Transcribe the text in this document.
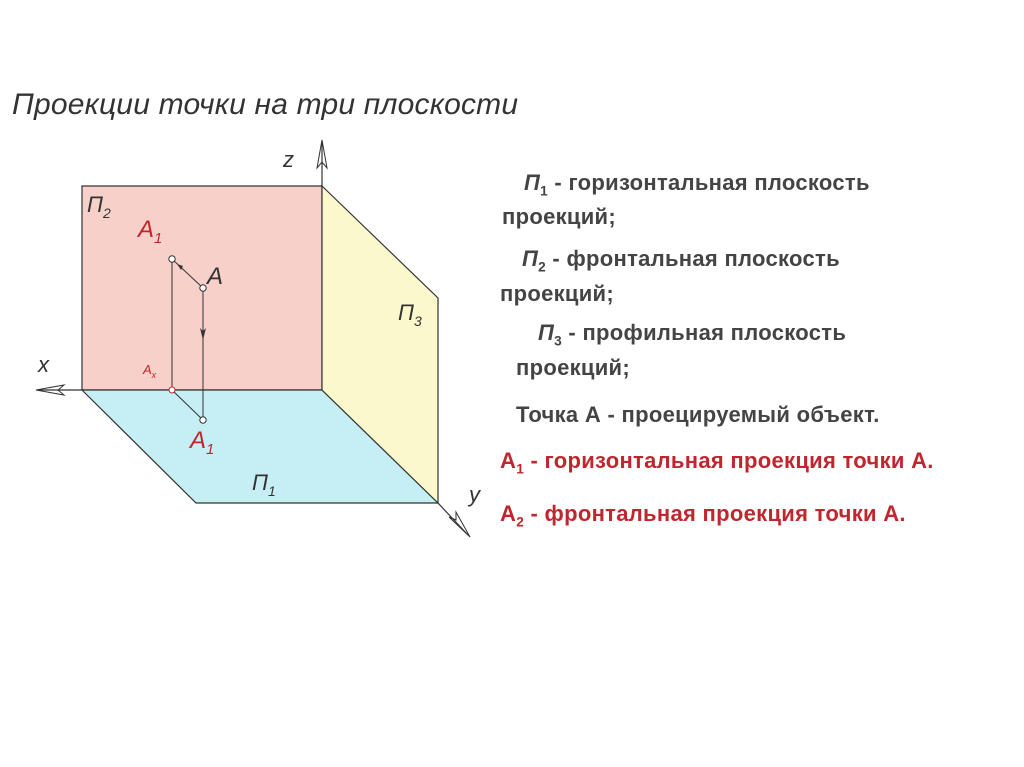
Проекции точки на три плоскости
z
x
y
$П_2$
$П_3$
$П_1$
A
$A_1$
$A_x$
$A_1$
$П_1$ - горизонтальная плоскость
проекций;
$П_2$ - фронтальная плоскость
проекций;
$П_3$ - профильная плоскость
проекций;
Точка А - проецируемый объект.
$А_1$ - горизонтальная проекция точки А.
$А_2$ - фронтальная проекция точки А.
